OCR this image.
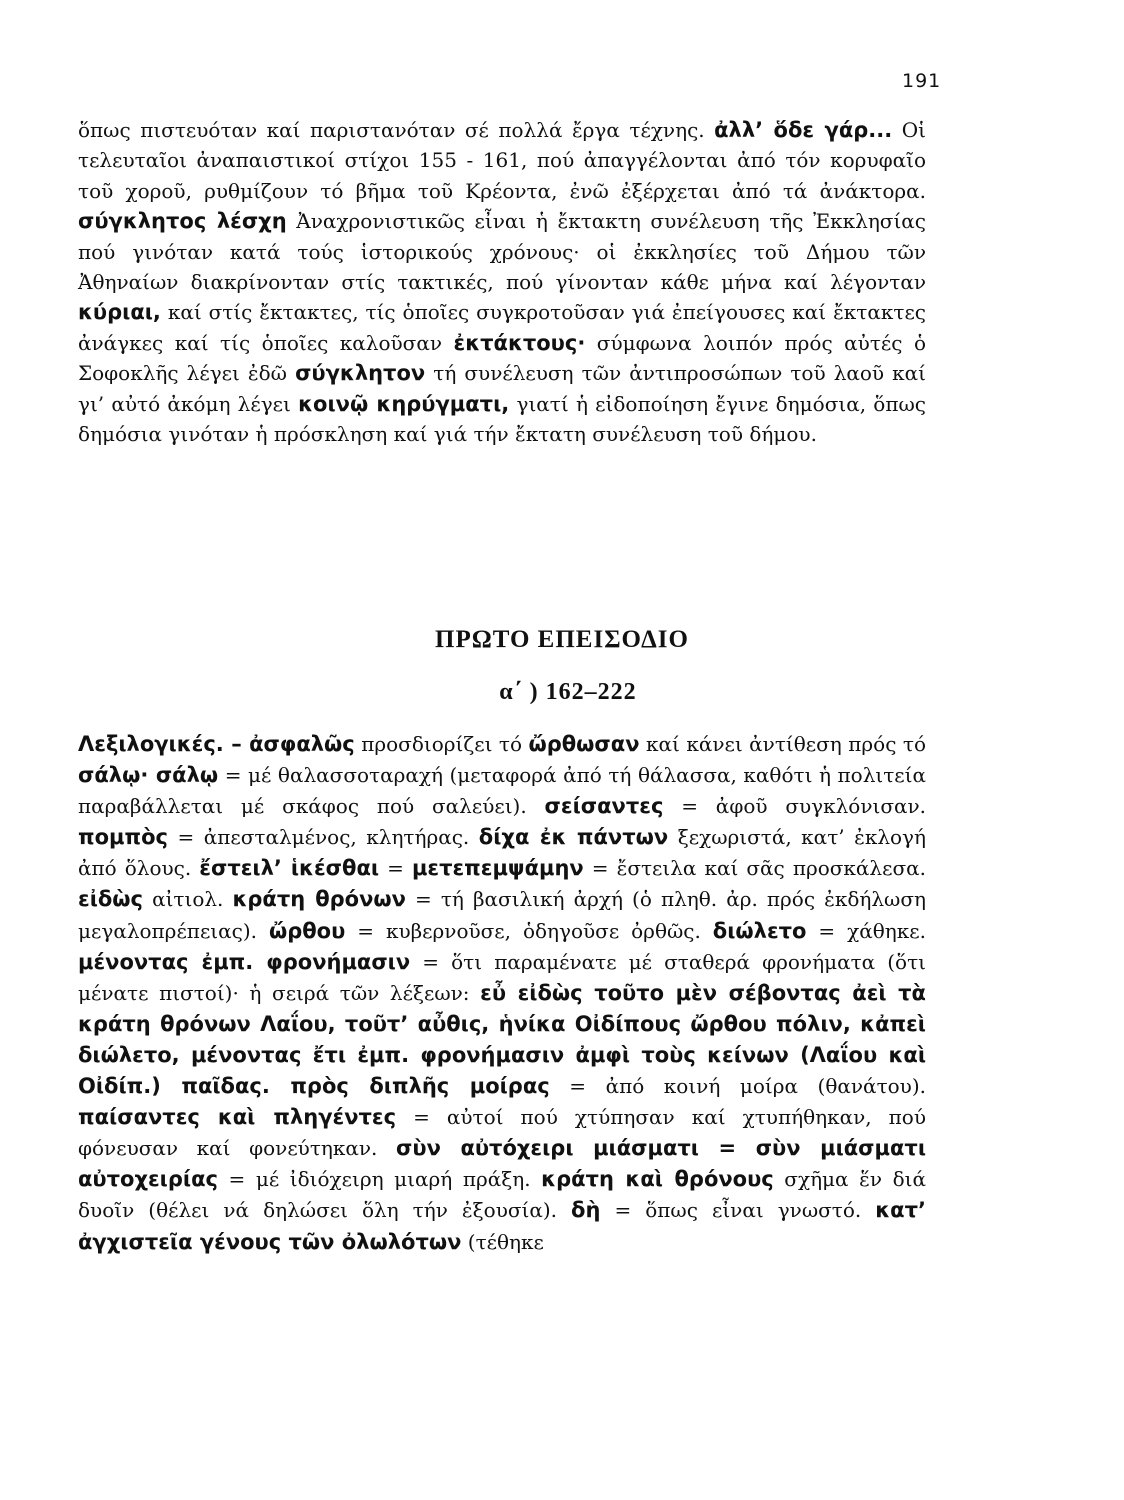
191

ὅπως πιστευόταν καί παριστανόταν σέ πολλά ἔργα τέχνης. ἀλλ’ ὅδε γάρ... Οἱ τελευταῖοι ἀναπαιστικοί στίχοι 155 - 161, πού ἀπαγγέλονται ἀπό τόν κορυφαῖο τοῦ χοροῦ, ρυθμίζουν τό βῆμα τοῦ Κρέοντα, ἐνῶ ἐξέρχεται ἀπό τά ἀνάκτορα. σύγκλητος λέσχη Ἀναχρονιστικῶς εἶναι ἡ ἔκτακτη συνέλευση τῆς Ἐκκλησίας πού γινόταν κατά τούς ἱστορικούς χρόνους· οἱ ἐκκλησίες τοῦ Δήμου τῶν Ἀθηναίων διακρίνονταν στίς τακτικές, πού γίνονταν κάθε μήνα καί λέγονταν κύριαι, καί στίς ἔκτακτες, τίς ὁποῖες συγκροτοῦσαν γιά ἐπείγουσες καί ἔκτακτες ἀνάγκες καί τίς ὁποῖες καλοῦσαν ἐκτάκτους· σύμφωνα λοιπόν πρός αὐτές ὁ Σοφοκλῆς λέγει ἐδῶ σύγκλητον τή συνέλευση τῶν ἀντιπροσώπων τοῦ λαοῦ καί γι’ αὐτό ἀκόμη λέγει κοινῷ κηρύγματι, γιατί ἡ εἰδοποίηση ἔγινε δημόσια, ὅπως δημόσια γινόταν ἡ πρόσκληση καί γιά τήν ἔκτατη συνέλευση τοῦ δήμου.

ΠΡΩΤΟ ΕΠΕΙΣΟΔΙΟ
α΄ ) 162–222

Λεξιλογικές. – ἀσφαλῶς προσδιορίζει τό ὤρθωσαν καί κάνει ἀντίθεση πρός τό σάλῳ· σάλῳ = μέ θαλασσοταραχή (μεταφορά ἀπό τή θάλασσα, καθότι ἡ πολιτεία παραβάλλεται μέ σκάφος πού σαλεύει). σείσαντες = ἀφοῦ συγκλόνισαν. πομπὸς = ἀπεσταλμένος, κλητήρας. δίχα ἐκ πάντων ξεχωριστά, κατ’ ἐκλογή ἀπό ὅλους. ἔστειλ’ ἱκέσθαι = μετεπεμψάμην = ἔστειλα καί σᾶς προσκάλεσα. εἰδὼς αἰτιολ. κράτη θρόνων = τή βασιλική ἀρχή (ὁ πληθ. ἀρ. πρός ἐκδήλωση μεγαλοπρέπειας). ὤρθου = κυβερνοῦσε, ὁδηγοῦσε ὀρθῶς. διώλετο = χάθηκε. μένοντας ἐμπ. φρονήμασιν = ὅτι παραμένατε μέ σταθερά φρονήματα (ὅτι μένατε πιστοί)· ἡ σειρά τῶν λέξεων: εὖ εἰδὼς τοῦτο μὲν σέβοντας ἀεὶ τὰ κράτη θρόνων Λαΐου, τοῦτ’ αὖθις, ἡνίκα Οἰδίπους ὤρθου πόλιν, κἀπεὶ διώλετο, μένοντας ἔτι ἐμπ. φρονήμασιν ἀμφὶ τοὺς κείνων (Λαΐου καὶ Οἰδίπ.) παῖδας. πρὸς διπλῆς μοίρας = ἀπό κοινή μοίρα (θανάτου). παίσαντες καὶ πληγέντες = αὐτοί πού χτύπησαν καί χτυπήθηκαν, πού φόνευσαν καί φονεύτηκαν. σὺν αὐτόχειρι μιάσματι = σὺν μιάσματι αὐτοχειρίας = μέ ἰδιόχειρη μιαρή πράξη. κράτη καὶ θρόνους σχῆμα ἕν διά δυοῖν (θέλει νά δηλώσει ὅλη τήν ἐξουσία). δὴ = ὅπως εἶναι γνωστό. κατ’ ἀγχιστεῖα γένους τῶν ὀλωλότων (τέθηκε
